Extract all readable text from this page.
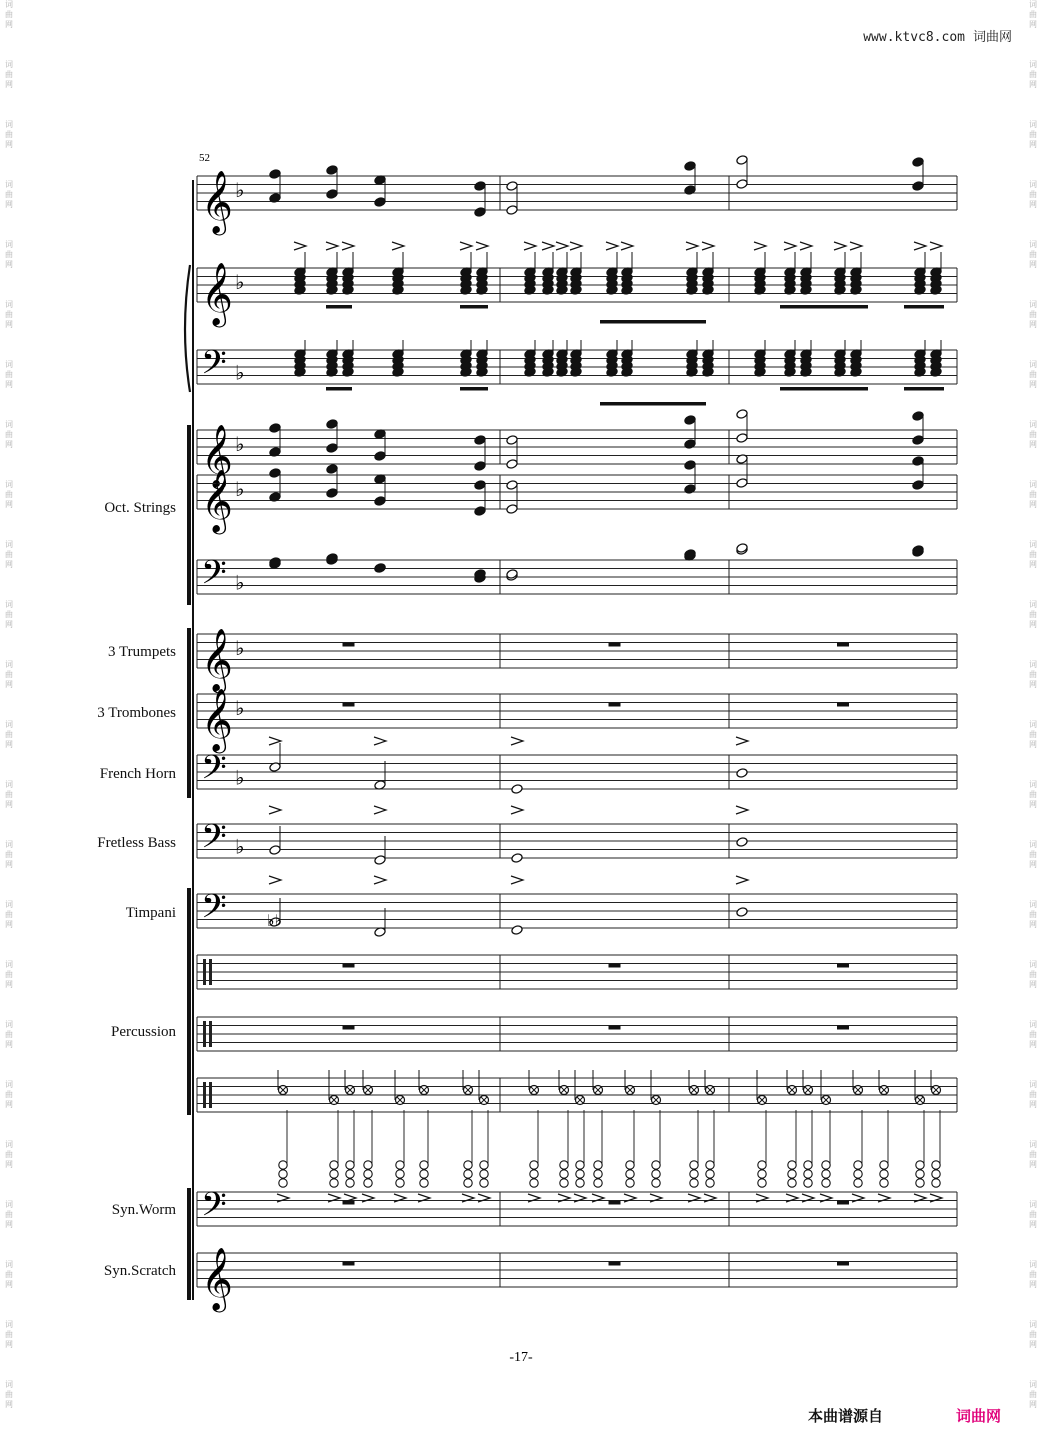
词
曲
网
词
曲
网
词
曲
网
词
曲
网
词
曲
网
词
曲
网
词
曲
网
词
曲
网
词
曲
网
词
曲
网
词
曲
网
词
曲
网
词
曲
网
词
曲
网
词
曲
网
词
曲
网
词
曲
网
词
曲
网
词
曲
网
词
曲
网
词
曲
网
词
曲
网
词
曲
网
词
曲
网
词
曲
网
词
曲
网
词
曲
网
词
曲
网
词
曲
网
词
曲
网
词
曲
网
词
曲
网
词
曲
网
词
曲
网
词
曲
网
词
曲
网
词
曲
网
词
曲
网
词
曲
网
词
曲
网
词
曲
网
词
曲
网
词
曲
网
词
曲
网
词
曲
网
词
曲
网
词
曲
网
词
曲
网
www.ktvc8.com 词曲网
52
Oct. Strings
3 Trumpets
3 Trombones
French Horn
Fretless Bass
Timpani
Percussion
Syn.Worm
Syn.Scratch
𝄞 ♭
𝄞 ♭
𝄢 ♭
𝄞 ♭
𝄞 ♭
𝄢 ♭
𝄞 ♭
𝄞 ♭
𝄢 ♭
𝄢 ♭
𝄢
𝄢
𝄞
♭♭
-17-
本曲谱源自	词曲网
